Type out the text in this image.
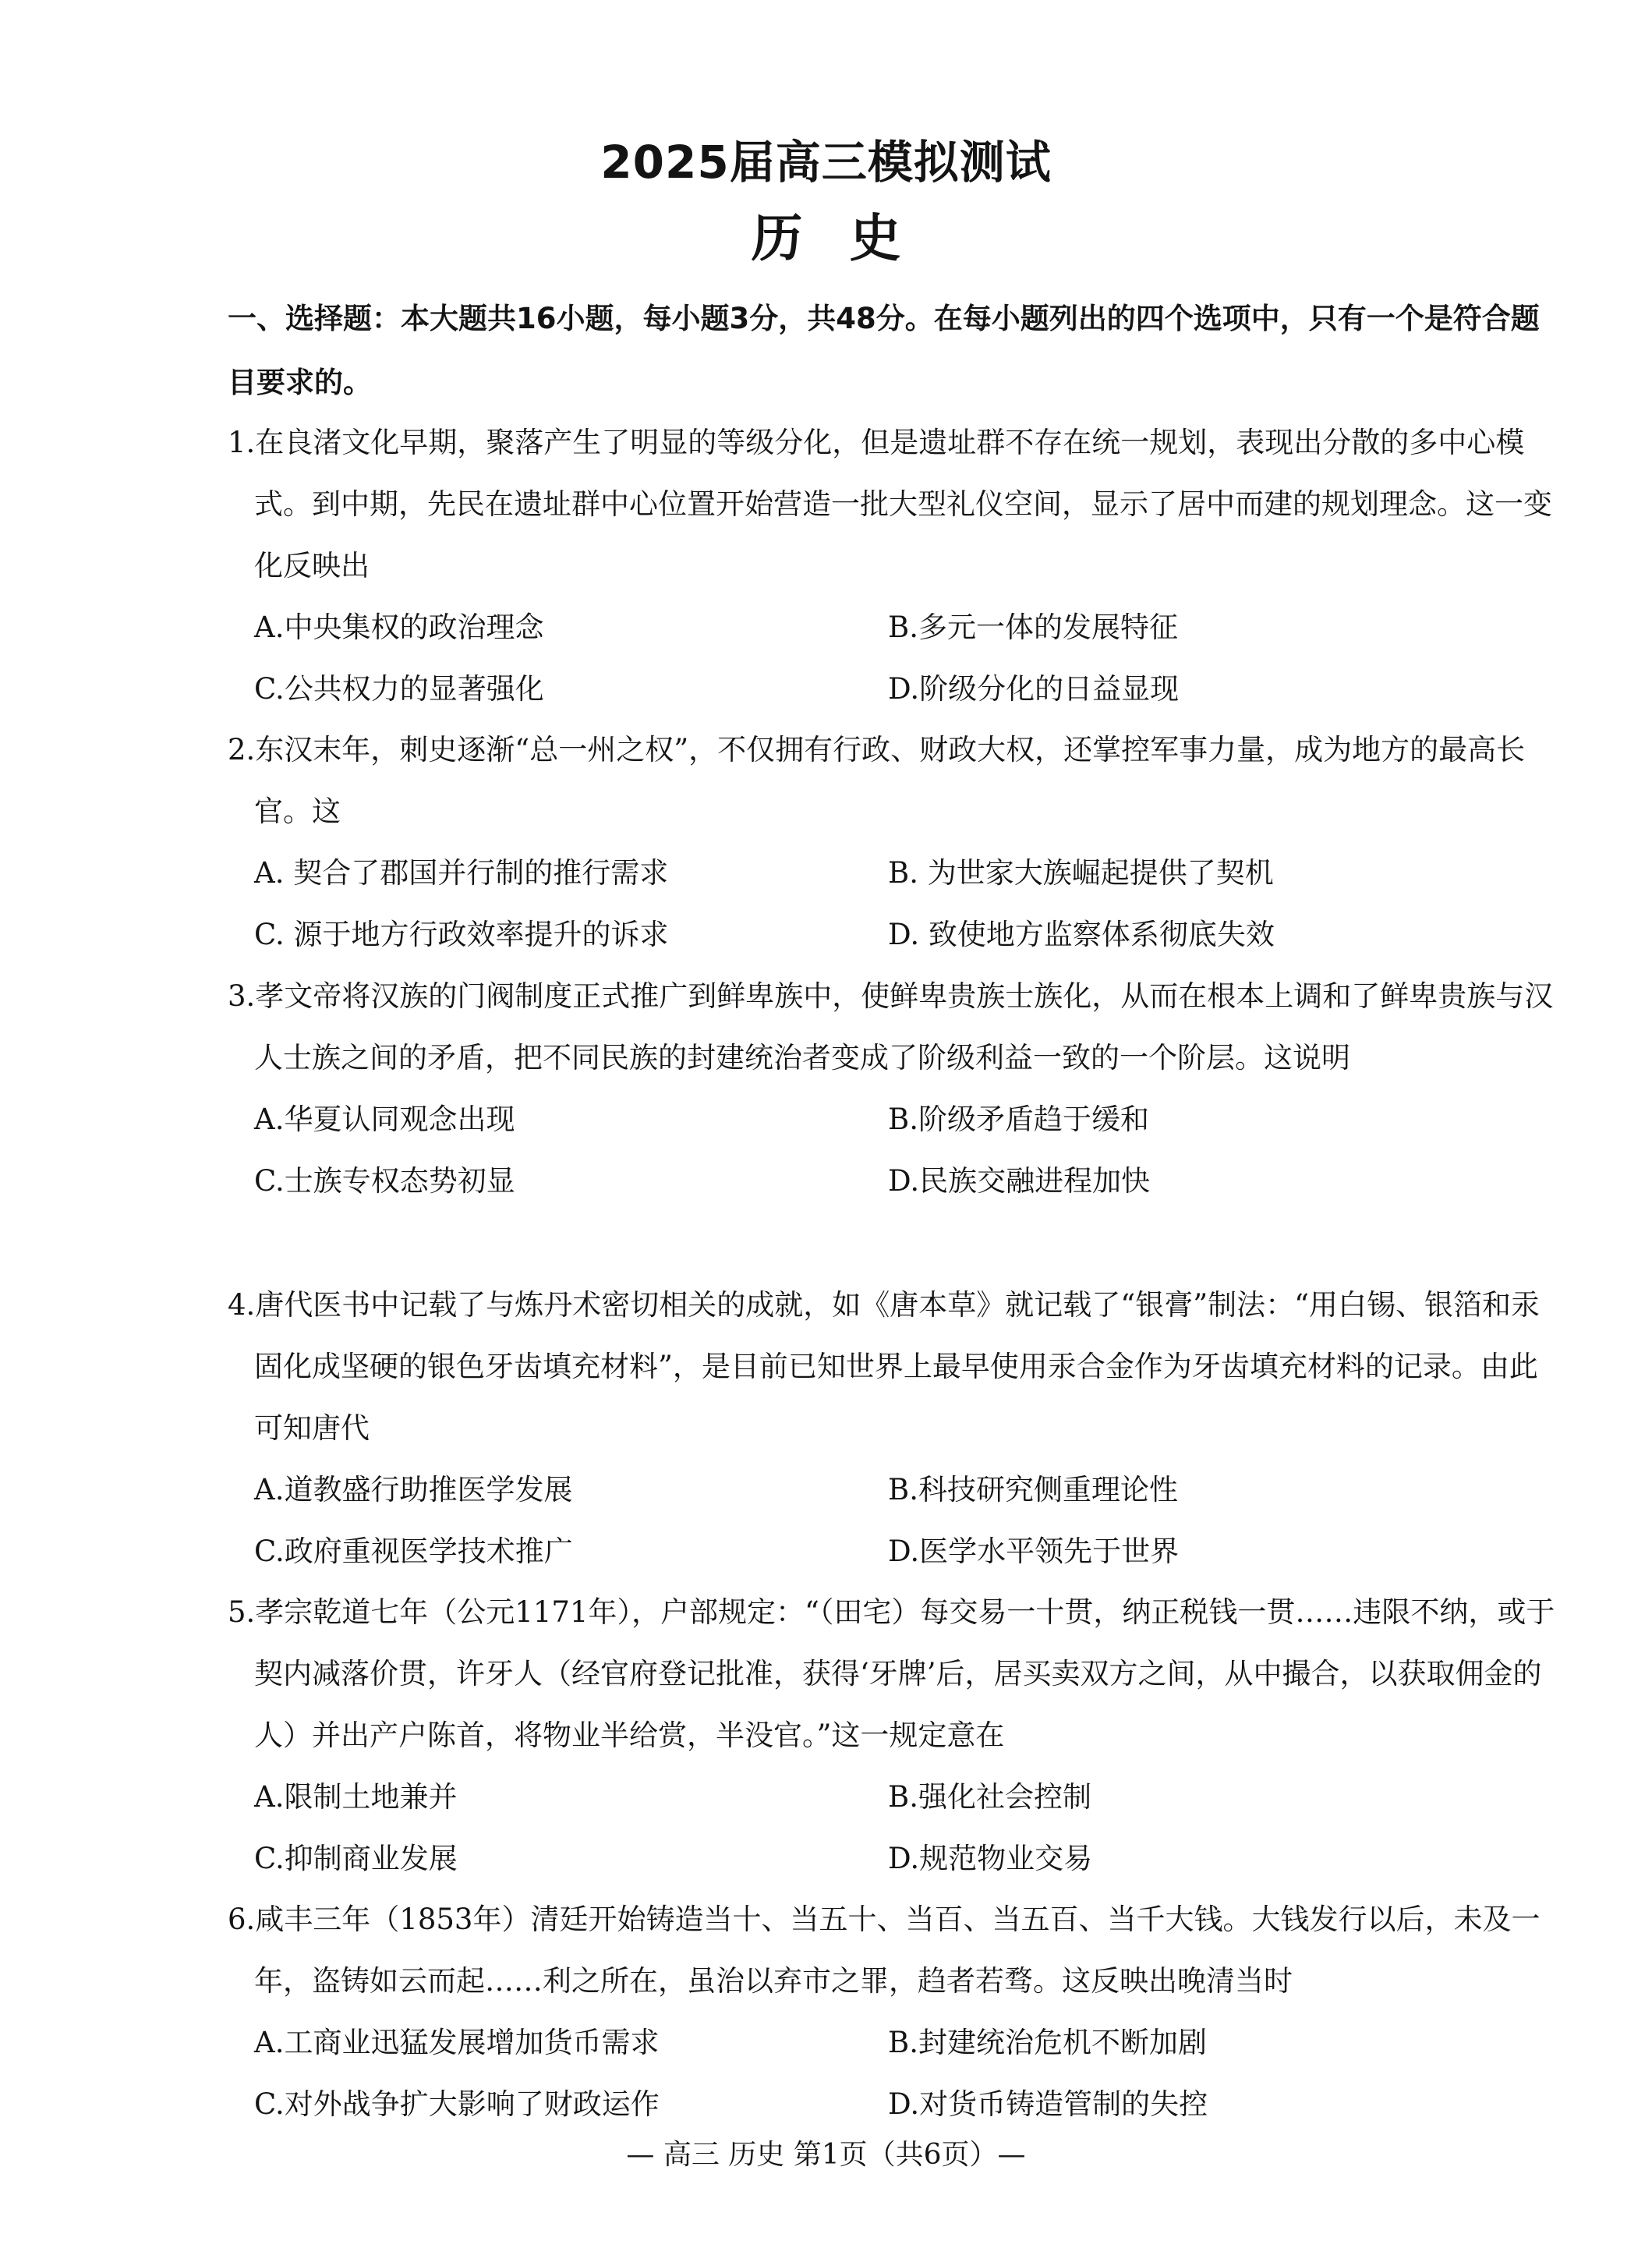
2025届高三模拟测试
历史
一、选择题：本大题共16小题，每小题3分，共48分。在每小题列出的四个选项中，只有一个是符合题目要求的。
1.在良渚文化早期，聚落产生了明显的等级分化，但是遗址群不存在统一规划，表现出分散的多中心模式。到中期，先民在遗址群中心位置开始营造一批大型礼仪空间，显示了居中而建的规划理念。这一变化反映出
A.中央集权的政治理念	B.多元一体的发展特征
C.公共权力的显著强化	D.阶级分化的日益显现
2.东汉末年，刺史逐渐“总一州之权”，不仅拥有行政、财政大权，还掌控军事力量，成为地方的最高长官。这
A. 契合了郡国并行制的推行需求	B. 为世家大族崛起提供了契机
C. 源于地方行政效率提升的诉求	D. 致使地方监察体系彻底失效
3.孝文帝将汉族的门阀制度正式推广到鲜卑族中，使鲜卑贵族士族化，从而在根本上调和了鲜卑贵族与汉人士族之间的矛盾，把不同民族的封建统治者变成了阶级利益一致的一个阶层。这说明
A.华夏认同观念出现	B.阶级矛盾趋于缓和
C.士族专权态势初显	D.民族交融进程加快
4.唐代医书中记载了与炼丹术密切相关的成就，如《唐本草》就记载了“银膏”制法：“用白锡、银箔和汞固化成坚硬的银色牙齿填充材料”，是目前已知世界上最早使用汞合金作为牙齿填充材料的记录。由此可知唐代
A.道教盛行助推医学发展	B.科技研究侧重理论性
C.政府重视医学技术推广	D.医学水平领先于世界
5.孝宗乾道七年（公元1171年），户部规定：“（田宅）每交易一十贯，纳正税钱一贯……违限不纳，或于契内减落价贯，许牙人（经官府登记批准，获得‘牙牌’后，居买卖双方之间，从中撮合，以获取佣金的人）并出产户陈首，将物业半给赏，半没官。”这一规定意在
A.限制土地兼并	B.强化社会控制
C.抑制商业发展	D.规范物业交易
6.咸丰三年（1853年）清廷开始铸造当十、当五十、当百、当五百、当千大钱。大钱发行以后，未及一年，盗铸如云而起……利之所在，虽治以弃市之罪，趋者若骛。这反映出晚清当时
A.工商业迅猛发展增加货币需求	B.封建统治危机不断加剧
C.对外战争扩大影响了财政运作	D.对货币铸造管制的失控
— 高三 历史 第1页（共6页）—
